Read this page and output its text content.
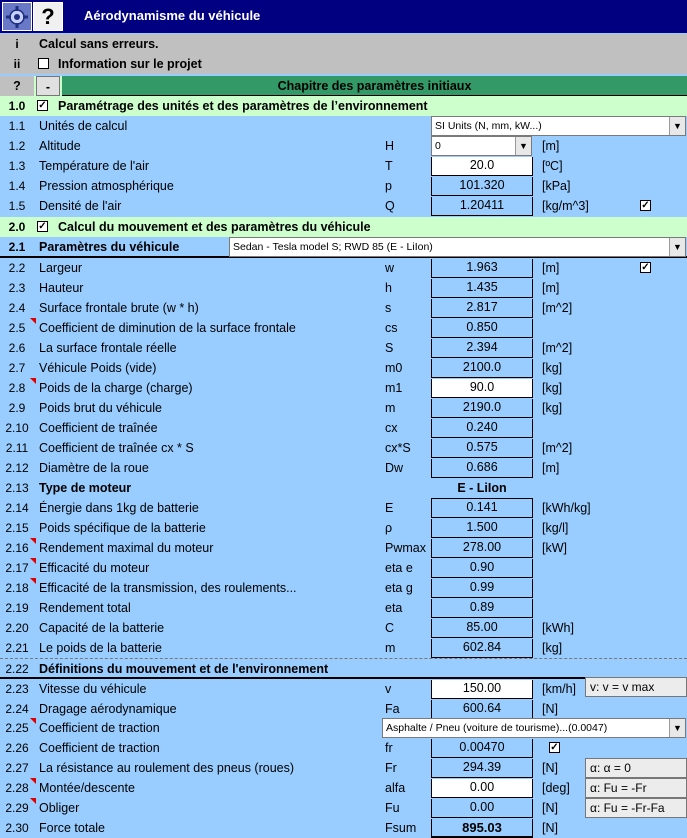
?	Aérodynamisme du véhicule
i	Calcul sans erreurs.
ii	Information sur le projet
?	-	Chapitre des paramètres initiaux
1.0	✓ Paramétrage des unités et des paramètres de l’environnement
1.1	Unités de calcul	SI Units (N, mm, kW...)	▼
1.2	Altitude	H	0	▼ [m]
1.3	Température de l'air	T	20.0	[ºC]
1.4	Pression atmosphérique	p	101.320	[kPa]
1.5	Densité de l'air	Q	1.20411	[kg/m^3]	✓
2.0	✓ Calcul du mouvement et des paramètres du véhicule
2.1	Paramètres du véhicule	Sedan - Tesla model S; RWD 85 (E - LiIon)	▼
2.2	Largeur	w	1.963	[m]	✓
2.3	Hauteur	h	1.435	[m]
2.4	Surface frontale brute (w * h)	s	2.817	[m^2]
2.5	Coefficient de diminution de la surface frontale	cs	0.850
2.6	La surface frontale réelle	S	2.394	[m^2]
2.7	Véhicule Poids (vide)	m0	2100.0	[kg]
2.8	Poids de la charge (charge)	m1	90.0	[kg]
2.9	Poids brut du véhicule	m	2190.0	[kg]
2.10 Coefficient de traînée	cx	0.240
2.11 Coefficient de traînée cx * S	cx*S	0.575	[m^2]
2.12 Diamètre de la roue	Dw	0.686	[m]
2.13 Type de moteur	E - LiIon
2.14 Énergie dans 1kg de batterie	E	0.141	[kWh/kg]
2.15 Poids spécifique de la batterie	ρ	1.500	[kg/l]
2.16 Rendement maximal du moteur	Pwmax	278.00	[kW]
2.17 Efficacité du moteur	eta e	0.90
2.18 Efficacité de la transmission, des roulements...	eta g	0.99
2.19 Rendement total	eta	0.89
2.20 Capacité de la batterie	C	85.00	[kWh]
2.21 Le poids de la batterie	m	602.84	[kg]
2.22 Définitions du mouvement et de l'environnement
2.23 Vitesse du véhicule	v	150.00	[km/h]	v: v = v max
2.24 Dragage aérodynamique	Fa	600.64	[N]
2.25 Coefficient de traction	Asphalte / Pneu (voiture de tourisme)...(0.0047)	▼
2.26 Coefficient de traction	fr	0.00470	✓
2.27 La résistance au roulement des pneus (roues)	Fr	294.39	[N]	α: α = 0
2.28 Montée/descente	alfa	0.00	[deg]	α: Fu = -Fr
2.29 Obliger	Fu	0.00	[N]	α: Fu = -Fr-Fa
2.30 Force totale	Fsum	895.03	[N]
